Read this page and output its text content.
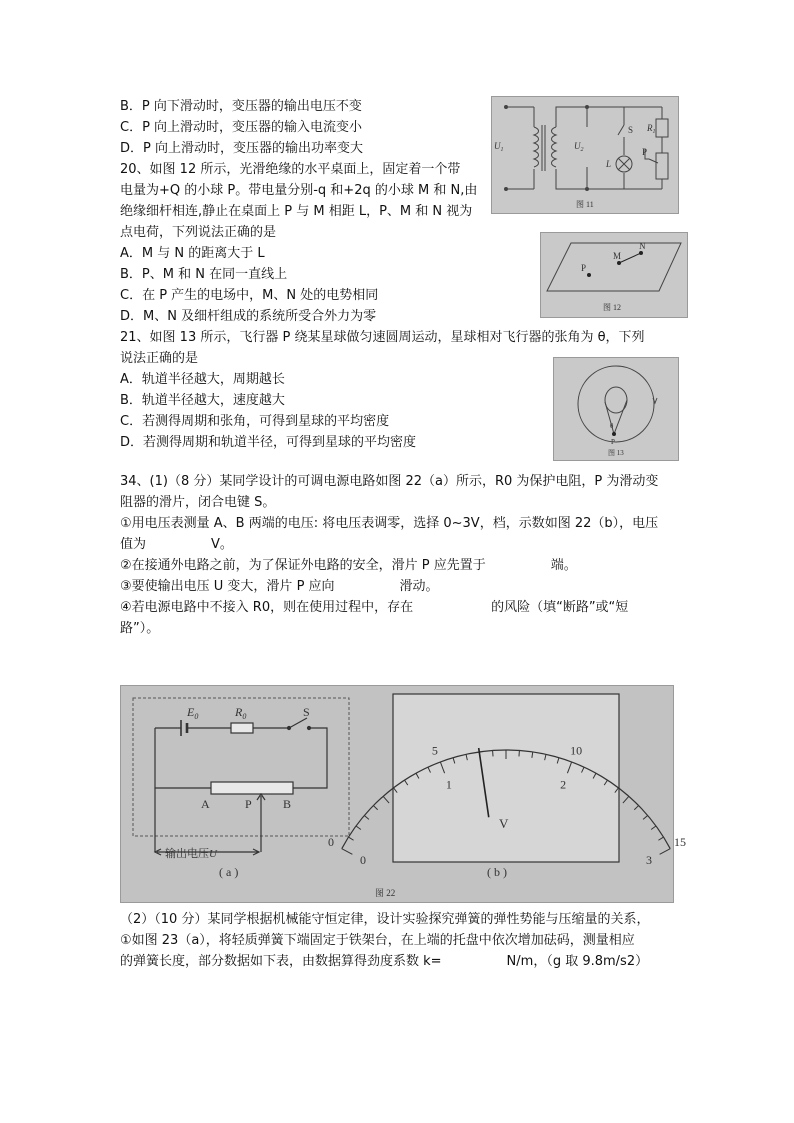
B．P 向下滑动时，变压器的输出电压不变
C．P 向上滑动时，变压器的输入电流变小
D．P 向上滑动时，变压器的输出功率变大
20、如图 12 所示，光滑绝缘的水平桌面上，固定着一个带
电量为+Q 的小球 P。带电量分别-q 和+2q 的小球 M 和 N,由
绝缘细杆相连,静止在桌面上 P 与 M 相距 L，P、M 和 N 视为
点电荷，下列说法正确的是
A．M 与 N 的距离大于 L
B．P、M 和 N 在同一直线上
C．在 P 产生的电场中，M、N 处的电势相同
D．M、N 及细杆组成的系统所受合外力为零
21、如图 13 所示，飞行器 P 绕某星球做匀速圆周运动，星球相对飞行器的张角为 θ，下列
说法正确的是
A．轨道半径越大，周期越长
B．轨道半径越大，速度越大
C．若测得周期和张角，可得到星球的平均密度
D．若测得周期和轨道半径，可得到星球的平均密度
34、(1)（8 分）某同学设计的可调电源电路如图 22（a）所示，R0 为保护电阻，P 为滑动变
阻器的滑片，闭合电键 S。
①用电压表测量 A、B 两端的电压: 将电压表调零，选择 0~3V，档，示数如图 22（b），电压
值为　　　　　V。
②在接通外电路之前，为了保证外电路的安全，滑片 P 应先置于　　　　　端。
③要使输出电压 U 变大，滑片 P 应向　　　　　滑动。
④若电源电路中不接入 R0，则在使用过程中，存在　　　　　　的风险（填“断路”或“短
路”）。
（2）（10 分）某同学根据机械能守恒定律，设计实验探究弹簧的弹性势能与压缩量的关系，
①如图 23（a），将轻质弹簧下端固定于铁架台，在上端的托盘中依次增加砝码，测量相应
的弹簧长度，部分数据如下表，由数据算得劲度系数 k=　　　　　N/m，（g 取 9.8m/s2）
$U_1$	$U_2$
S $R_1$
L
P
图 11
P
M
N
图 12
θ
P
图 13
$E_0$	$R_0$	S
A	P	B
输出电压U
( a )
0
5	10
15
0
1	2
3
V
( b )
图 22
